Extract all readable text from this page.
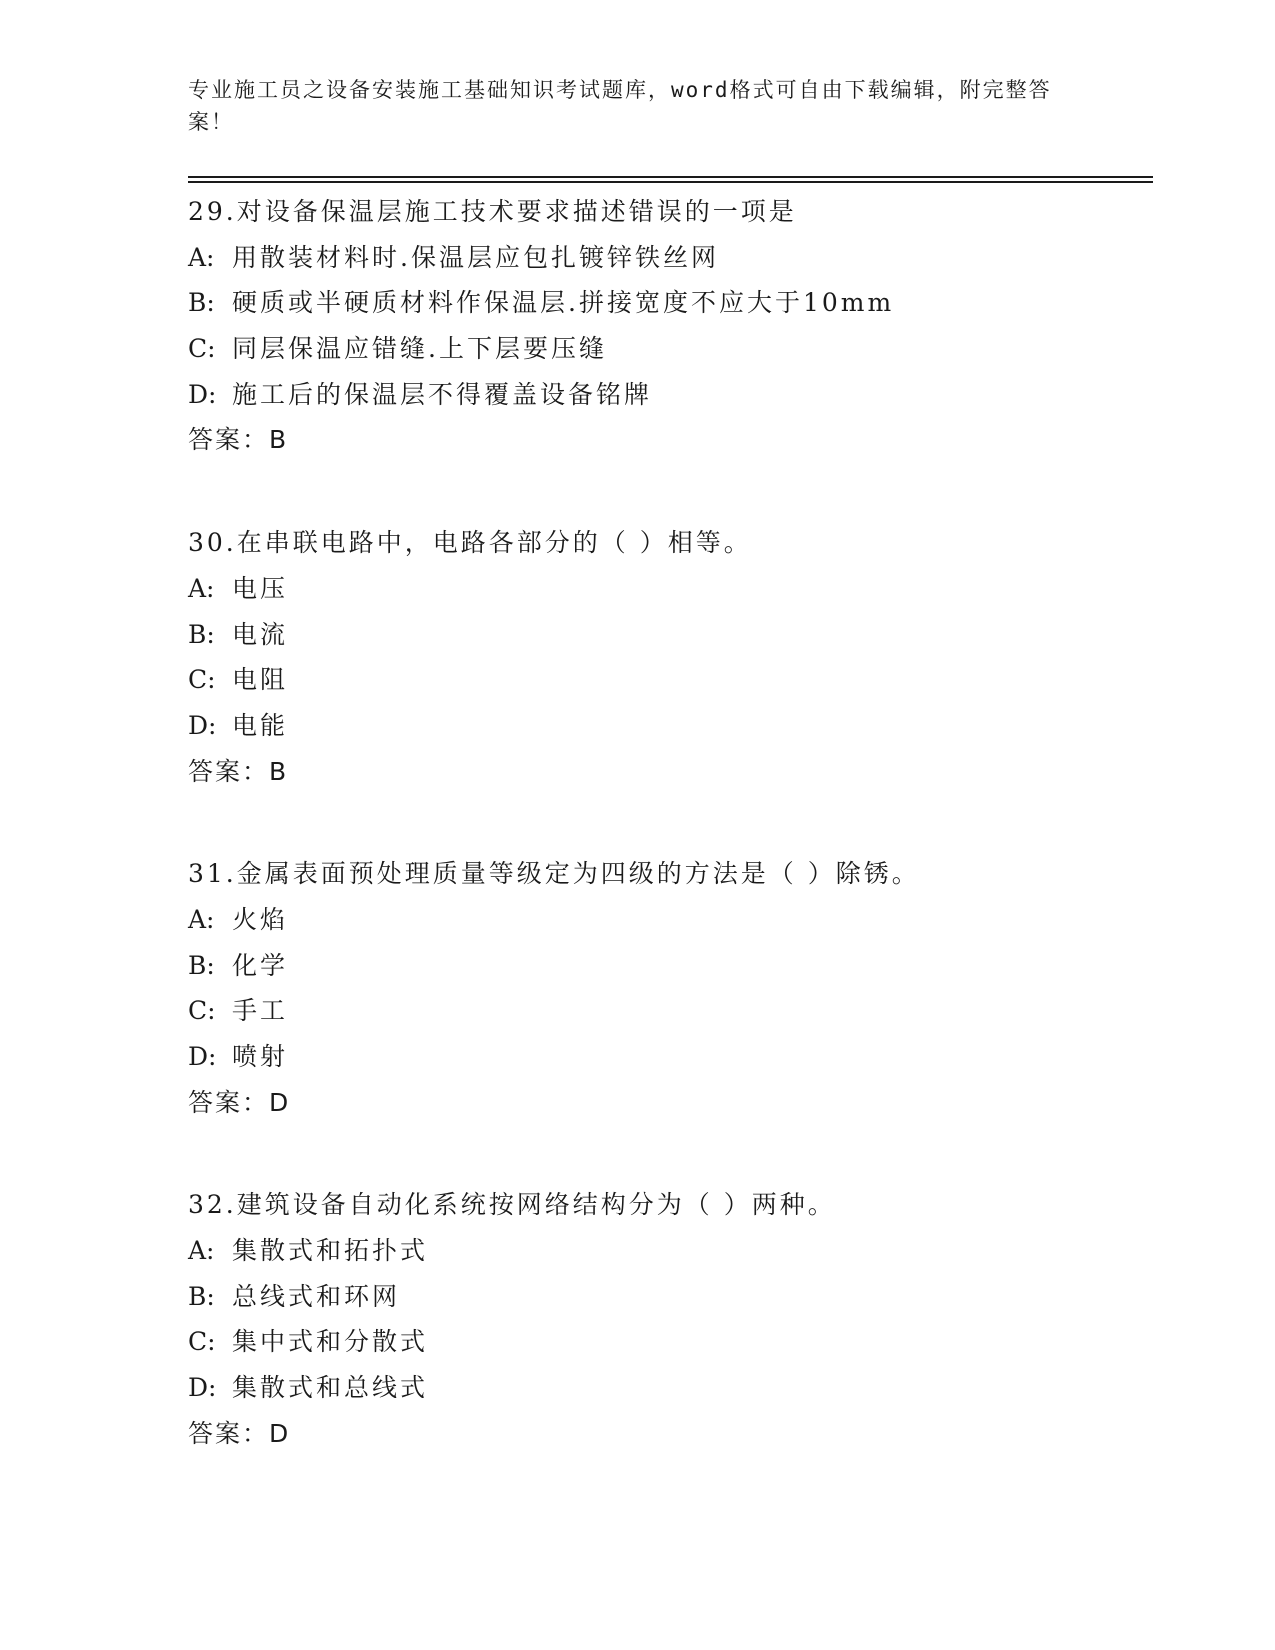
专业施工员之设备安装施工基础知识考试题库，word格式可自由下载编辑，附完整答案！
29.对设备保温层施工技术要求描述错误的一项是
A: 用散装材料时.保温层应包扎镀锌铁丝网
B: 硬质或半硬质材料作保温层.拼接宽度不应大于10mm
C: 同层保温应错缝.上下层要压缝
D: 施工后的保温层不得覆盖设备铭牌
答案：B
30.在串联电路中，电路各部分的（ ）相等。
A: 电压
B: 电流
C: 电阻
D: 电能
答案：B
31.金属表面预处理质量等级定为四级的方法是（ ）除锈。
A: 火焰
B: 化学
C: 手工
D: 喷射
答案：D
32.建筑设备自动化系统按网络结构分为（ ）两种。
A: 集散式和拓扑式
B: 总线式和环网
C: 集中式和分散式
D: 集散式和总线式
答案：D
